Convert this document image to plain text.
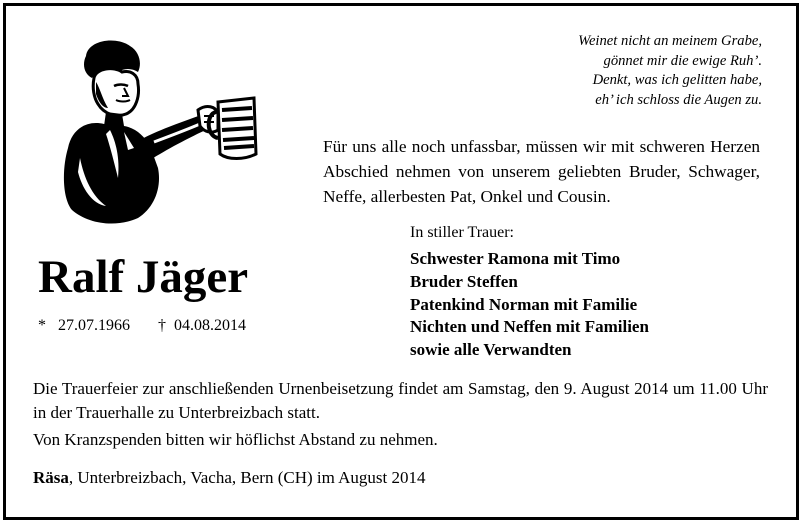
Weinet nicht an meinem Grabe,
gönnet mir die ewige Ruh’.
Denkt, was ich gelitten habe,
eh’ ich schloss die Augen zu.
Für uns alle noch unfassbar, müssen wir mit schweren Herzen Abschied nehmen von unserem geliebten Bruder, Schwager, Neffe, allerbesten Pat, Onkel und Cousin.
In stiller Trauer:
Schwester Ramona mit Timo
Bruder Steffen
Patenkind Norman mit Familie
Nichten und Neffen mit Familien
sowie alle Verwandten
Ralf Jäger
* 27.07.1966 † 04.08.2014
Die Trauerfeier zur anschließenden Urnenbeisetzung findet am Samstag, den 9. August 2014 um 11.00 Uhr in der Trauerhalle zu Unterbreizbach statt.
Von Kranzspenden bitten wir höflichst Abstand zu nehmen.
Räsa, Unterbreizbach, Vacha, Bern (CH) im August 2014
